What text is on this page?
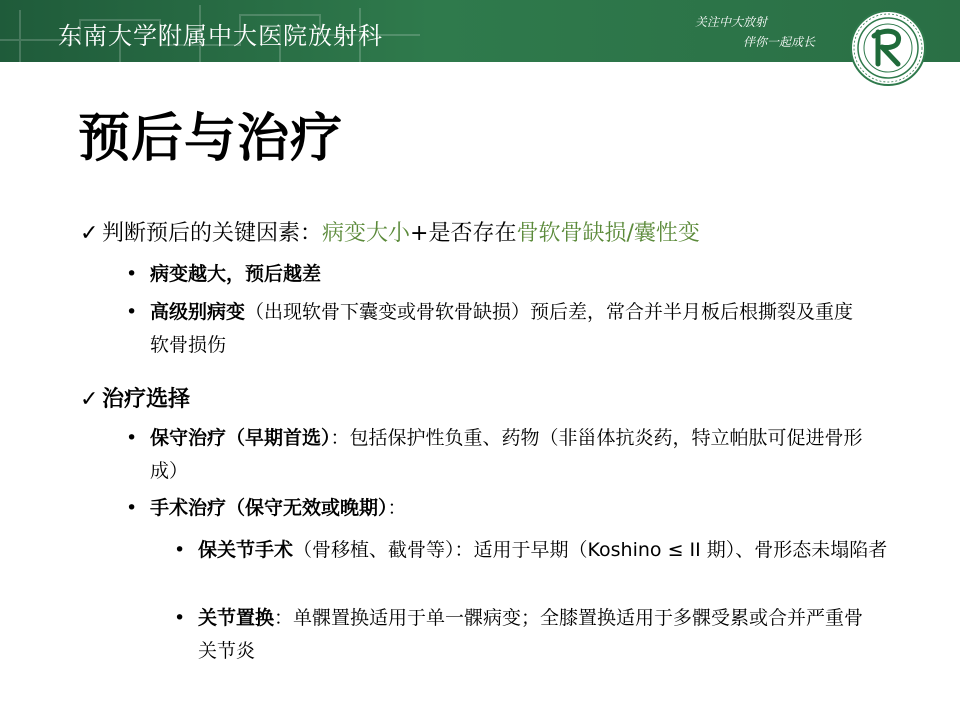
东南大学附属中大医院放射科	关注中大放射
伴你一起成长
预后与治疗
✓ 判断预后的关键因素：病变大小+是否存在骨软骨缺损/囊性变
• 病变越大，预后越差
• 高级别病变（出现软骨下囊变或骨软骨缺损）预后差，常合并半月板后根撕裂及重度软骨损伤
✓ 治疗选择
• 保守治疗（早期首选）：包括保护性负重、药物（非甾体抗炎药，特立帕肽可促进骨形成）
• 手术治疗（保守无效或晚期）：
• 保关节手术（骨移植、截骨等）：适用于早期（Koshino ≤ II 期）、骨形态未塌陷者
• 关节置换：单髁置换适用于单一髁病变；全膝置换适用于多髁受累或合并严重骨关节炎
